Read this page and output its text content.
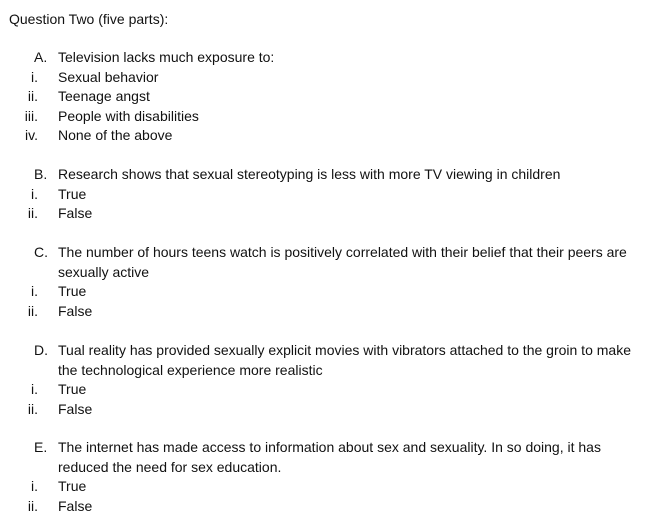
Question Two (five parts):
A. Television lacks much exposure to:
i. Sexual behavior
ii. Teenage angst
iii. People with disabilities
iv. None of the above
B. Research shows that sexual stereotyping is less with more TV viewing in children
i. True
ii. False
C. The number of hours teens watch is positively correlated with their belief that their peers are sexually active
i. True
ii. False
D. Tual reality has provided sexually explicit movies with vibrators attached to the groin to make the technological experience more realistic
i. True
ii. False
E. The internet has made access to information about sex and sexuality. In so doing, it has reduced the need for sex education.
i. True
ii. False
